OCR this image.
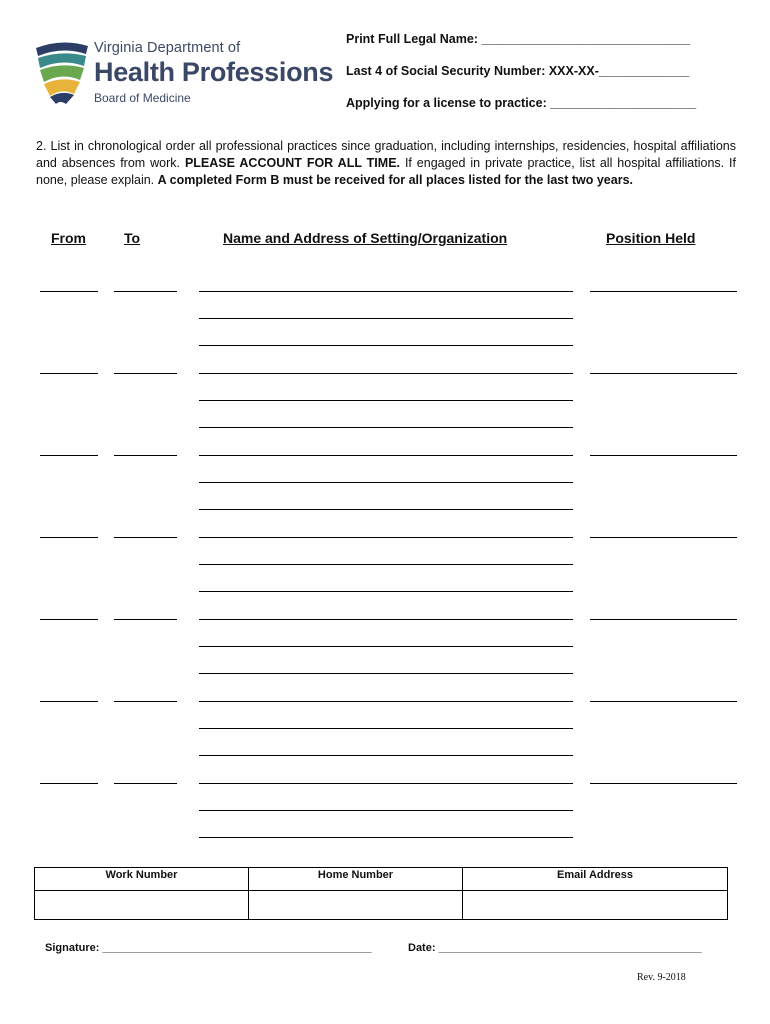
Virginia Department of
Health Professions
Board of Medicine
Print Full Legal Name: ______________________________
Last 4 of Social Security Number: XXX-XX-_____________
Applying for a license to practice: _____________________
2. List in chronological order all professional practices since graduation, including internships, residencies, hospital affiliations and absences from work. PLEASE ACCOUNT FOR ALL TIME. If engaged in private practice, list all hospital affiliations. If none, please explain. A completed Form B must be received for all places listed for the last two years.
From	To	Name and Address of Setting/Organization	Position Held
Work Number	Home Number	Email Address

Signature: ____________________________________________	Date: ___________________________________________
Rev. 9-2018
